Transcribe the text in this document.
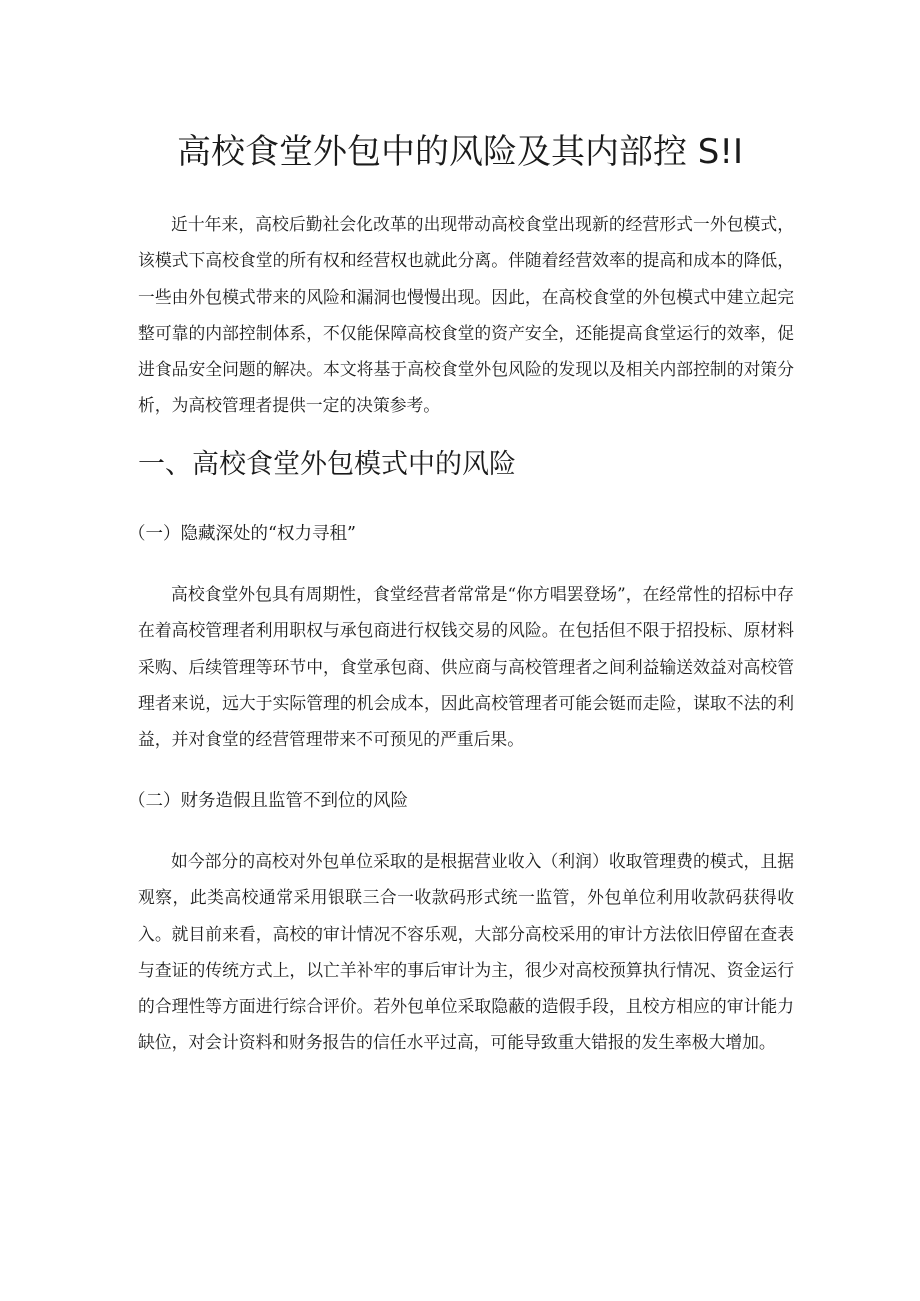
高校食堂外包中的风险及其内部控 S!I

近十年来，高校后勤社会化改革的出现带动高校食堂出现新的经营形式一外包模式，该模式下高校食堂的所有权和经营权也就此分离。伴随着经营效率的提高和成本的降低，一些由外包模式带来的风险和漏洞也慢慢出现。因此，在高校食堂的外包模式中建立起完整可靠的内部控制体系，不仅能保障高校食堂的资产安全，还能提高食堂运行的效率，促进食品安全问题的解决。本文将基于高校食堂外包风险的发现以及相关内部控制的对策分析，为高校管理者提供一定的决策参考。

一、高校食堂外包模式中的风险
（一）隐藏深处的“权力寻租”

高校食堂外包具有周期性，食堂经营者常常是“你方唱罢登场”，在经常性的招标中存在着高校管理者利用职权与承包商进行权钱交易的风险。在包括但不限于招投标、原材料采购、后续管理等环节中，食堂承包商、供应商与高校管理者之间利益输送效益对高校管理者来说，远大于实际管理的机会成本，因此高校管理者可能会铤而走险，谋取不法的利益，并对食堂的经营管理带来不可预见的严重后果。

（二）财务造假且监管不到位的风险

如今部分的高校对外包单位采取的是根据营业收入（利润）收取管理费的模式，且据观察，此类高校通常采用银联三合一收款码形式统一监管，外包单位利用收款码获得收入。就目前来看，高校的审计情况不容乐观，大部分高校采用的审计方法依旧停留在查表与查证的传统方式上，以亡羊补牢的事后审计为主，很少对高校预算执行情况、资金运行的合理性等方面进行综合评价。若外包单位采取隐蔽的造假手段，且校方相应的审计能力缺位，对会计资料和财务报告的信任水平过高，可能导致重大错报的发生率极大增加。
